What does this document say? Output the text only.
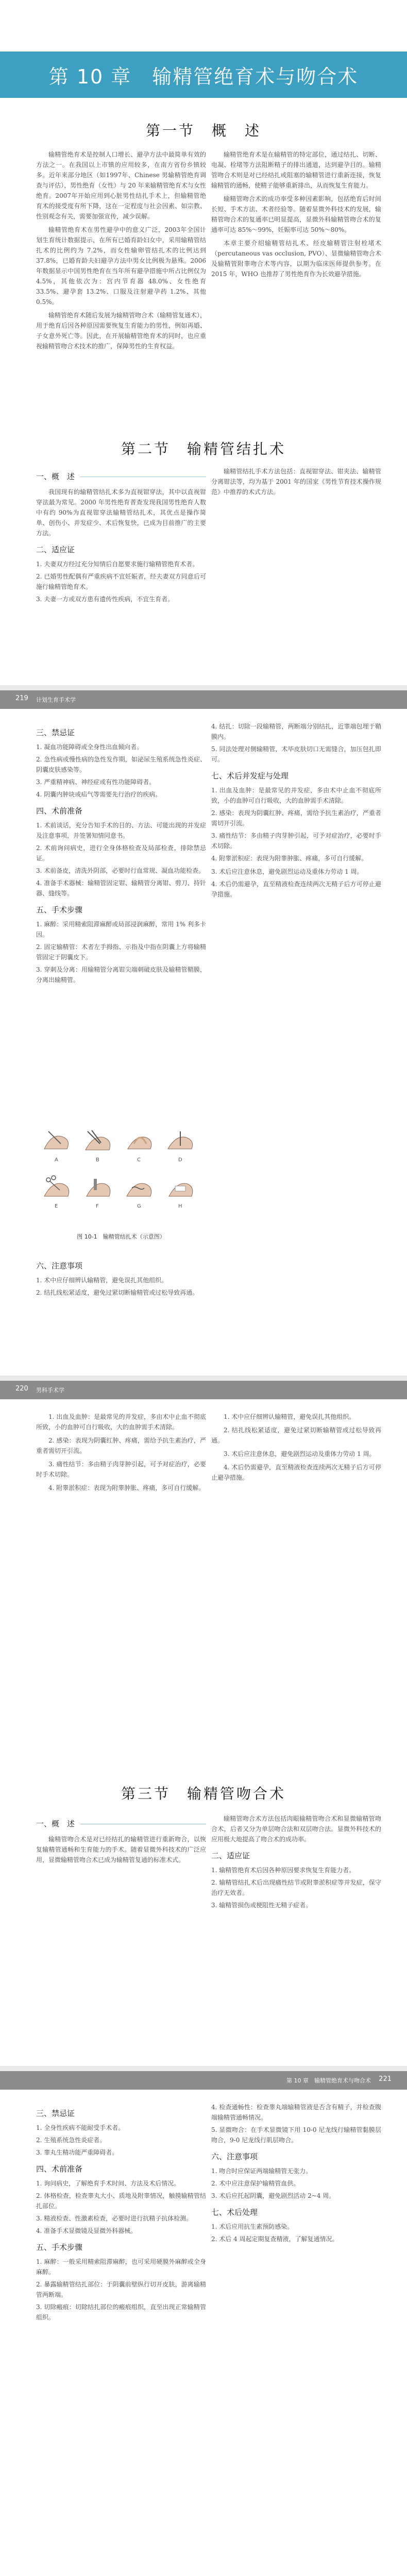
第 10 章　输精管绝育术与吻合术
第一节　概　述

输精管绝育术是控制人口增长、避孕方法中最简单有效的方法之一。在我国以上市镇的应用较多，在南方省份乡镇较多。近年来部分地区（如1997年、Chinese 男输精管绝育调查与评估），男性绝育（女性）与 20 年来输精管绝育术与女性绝育。2007年开始应用到心脏男性结扎手术上，但输精管绝育术的接受度有所下降，这在一定程度与社会因素、如宗教、性别观念有关，需要加强宣传，减少误解。

输精管绝育术在男性避孕中的意义广泛，2003年全国计划生育统计数据提示，在所有已婚育龄妇女中，采用输精管结扎术的比例约为 7.2%，而女性输卵管结扎术的比例达到 37.8%，已婚育龄夫妇避孕方法中男女比例极为悬殊。2006 年数据显示中国男性绝育在当年所有避孕措施中所占比例仅为 4.5%，其他依次为：宫内节育器 48.0%、女性绝育 33.5%、避孕套 13.2%、口服及注射避孕药 1.2%、其他 0.5%。

输精管绝育术随后发展为输精管吻合术（输精管复通术），用于绝育后因各种原因需要恢复生育能力的男性，例如再婚、子女意外死亡等。因此，在开展输精管绝育术的同时，也应重视输精管吻合术技术的推广，保障男性的生育权益。

输精管绝育术是在输精管的特定部位，通过结扎、切断、电凝、栓堵等方法阻断精子的排出通道，达到避孕目的。输精管吻合术则是对已经结扎或阻塞的输精管进行重新连接，恢复输精管的通畅，使精子能够重新排出，从而恢复生育能力。

输精管吻合术的成功率受多种因素影响，包括绝育后时间长短、手术方法、术者经验等。随着显微外科技术的发展，输精管吻合术的复通率已明显提高，显微外科输精管吻合术的复通率可达 85%～99%，妊娠率可达 50%～80%。

本章主要介绍输精管结扎术、经皮输精管注射栓堵术（percutaneous vas occlusion, PVO）、显微输精管吻合术及输精管附睾吻合术等内容，以期为临床医师提供参考。在 2015 年，WHO 也推荐了男性绝育作为长效避孕措施。

第二节　输精管结扎术
一、概　述

我国现有的输精管结扎术多为直视钳穿法，其中以直视钳穿法最为常见。2000 年男性绝育普查发现我国男性绝育人数中有约 90%为直视钳穿法输精管结扎术，其优点是操作简单、创伤小、并发症少、术后恢复快，已成为目前推广的主要方法。

二、适应证
1. 夫妻双方经过充分知情后自愿要求施行输精管绝育术者。
2. 已婚男性配偶有严重疾病不宜妊娠者，经夫妻双方同意后可施行输精管绝育术。
3. 夫妻一方或双方患有遗传性疾病，不宜生育者。

输精管结扎手术方法包括：直视钳穿法、钳夹法、输精管分离钳法等，均为基于 2001 年的国家《男性节育技术操作规范》中推荐的术式方法。

计划生育手术学
219
三、禁忌证
1. 凝血功能障碍或全身性出血倾向者。
2. 急性病或慢性病的急性发作期，如泌尿生殖系统急性炎症、阴囊皮肤感染等。
3. 严重精神病、神经症或有性功能障碍者。
4. 阴囊内肿块或疝气等需要先行治疗的疾病。
四、术前准备
1. 术前谈话，充分告知手术的目的、方法、可能出现的并发症及注意事项，并签署知情同意书。
2. 术前询问病史，进行全身体格检查及局部检查，排除禁忌证。
3. 术前备皮，清洗外阴部，必要时行血常规、凝血功能检查。
4. 准备手术器械：输精管固定钳、输精管分离钳、剪刀、持针器、缝线等。
五、手术步骤
1. 麻醉：采用精索阻滞麻醉或局部浸润麻醉，常用 1% 利多卡因。
2. 固定输精管：术者左手拇指、示指及中指在阴囊上方将输精管固定于阴囊皮下。
3. 穿刺及分离：用输精管分离钳尖端刺破皮肤及输精管鞘膜，分离出输精管。
A	B	C	D
E	F	G	H
图 10-1　输精管结扎术（示意图）
六、注意事项
1. 术中应仔细辨认输精管，避免误扎其他组织。
2. 结扎线松紧适度，避免过紧切断输精管或过松导致再通。
4. 结扎：切除一段输精管，两断端分别结扎，近睾端包埋于鞘膜内。
5. 同法处理对侧输精管，术毕皮肤切口无需缝合，加压包扎即可。
七、术后并发症与处理
1. 出血及血肿：是最常见的并发症，多由术中止血不彻底所致，小的血肿可自行吸收，大的血肿需手术清除。
2. 感染：表现为阴囊红肿、疼痛，需给予抗生素治疗，严重者需切开引流。
3. 痛性结节：多由精子肉芽肿引起，可予对症治疗，必要时手术切除。
4. 附睾淤积症：表现为附睾肿胀、疼痛，多可自行缓解。
3. 术后应注意休息，避免剧烈运动及重体力劳动 1 周。
4. 术后仍需避孕，直至精液检查连续两次无精子后方可停止避孕措施。
男科手术学
220

1. 出血及血肿：是最常见的并发症，多由术中止血不彻底所致，小的血肿可自行吸收，大的血肿需手术清除。

2. 感染：表现为阴囊红肿、疼痛，需给予抗生素治疗，严重者需切开引流。

3. 痛性结节：多由精子肉芽肿引起，可予对症治疗，必要时手术切除。

4. 附睾淤积症：表现为附睾肿胀、疼痛，多可自行缓解。

1. 术中应仔细辨认输精管，避免误扎其他组织。

2. 结扎线松紧适度，避免过紧切断输精管或过松导致再通。

3. 术后应注意休息，避免剧烈运动及重体力劳动 1 周。

4. 术后仍需避孕，直至精液检查连续两次无精子后方可停止避孕措施。

第三节　输精管吻合术
一、概　述

输精管吻合术是对已经结扎的输精管进行重新吻合，以恢复输精管通畅和生育能力的手术。随着显微外科技术的广泛应用，显微输精管吻合术已成为输精管复通的标准术式。

输精管吻合术方法包括肉眼输精管吻合术和显微输精管吻合术，后者又分为单层吻合法和双层吻合法。显微外科技术的应用极大地提高了吻合术的成功率。

二、适应证
1. 输精管绝育术后因各种原因要求恢复生育能力者。
2. 输精管结扎术后出现痛性结节或附睾淤积症等并发症，保守治疗无效者。
3. 输精管损伤或梗阻性无精子症者。
第 10 章　输精管绝育术与吻合术 221
三、禁忌证
1. 全身性疾病不能耐受手术者。
2. 生殖系统急性炎症者。
3. 睾丸生精功能严重障碍者。
四、术前准备
1. 询问病史，了解绝育手术时间、方法及术后情况。
2. 体格检查，检查睾丸大小、质地及附睾情况，触摸输精管结扎部位。
3. 精液检查、性激素检查，必要时进行抗精子抗体检测。
4. 准备手术显微镜及显微外科器械。
五、手术步骤
1. 麻醉：一般采用精索阻滞麻醉，也可采用硬膜外麻醉或全身麻醉。
2. 暴露输精管结扎部位：于阴囊前壁纵行切开皮肤，游离输精管两断端。
3. 切除瘢痕：切除结扎部位的瘢痕组织，直至出现正常输精管组织。
4. 检查通畅性：检查睾丸端输精管液是否含有精子，并检查腹端输精管通畅情况。
5. 显微吻合：在手术显微镜下用 10-0 尼龙线行输精管黏膜层吻合，9-0 尼龙线行肌层吻合。
六、注意事项
1. 吻合时应保证两端输精管无张力。
2. 术中应注意保护输精管血供。
3. 术后应托起阴囊，避免剧烈活动 2~4 周。
七、术后处理
1. 术后应用抗生素预防感染。
2. 术后 4 周起定期复查精液，了解复通情况。
